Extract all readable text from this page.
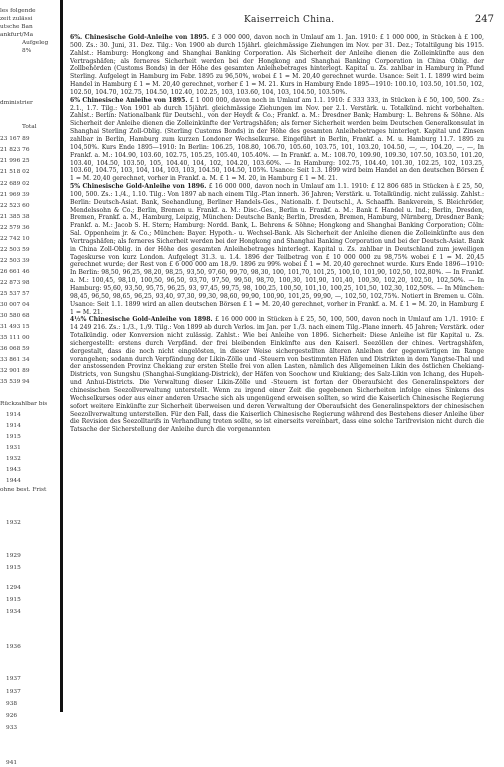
les folgende
zeit zulässi
utsche Ban
ankfurt/Ma
Aufgeleg
8%
dministrier
Total
23 167 89
21 823 76
21 996 25
21 518 02
22 689 02
21 969 39
22 523 60
21 385 38
22 579 36
22 742 10
22 503 59
22 503 39
26 661 46
22 873 98
25 537 57
30 007 04
30 580 68
31 493 15
35 111 00
36 068 59
33 861 34
32 901 89
35 539 94
Rückzahlbar bis
1914
1914
1915
1931
1932
1943
1944
ohne best. Frist
1932
1929
1915
1294
1915
1934
1936
1937
1937
938
926
933
941
Kaiserreich China.	247

6%. Chinesische Gold-Anleihe von 1895. £ 3 000 000, davon noch in Umlauf am 1. Jan. 1910: £ 1 000 000, in Stücken à £ 100, 500. Zs.: 30. Juni, 31. Dez. Tilg.: Von 1900 ab durch 15jährl. gleichmässige Ziehungen im Nov. per 31. Dez.; Totaltilgung bis 1915. Zahlst.: Hamburg: Hongkong and Shanghai Banking Corporation. Als Sicherheit der Anleihe dienen die Zolleinkünfte aus den Vertragshäfen; als ferneres Sicherheit werden bei der Hongkong and Shanghai Banking Corporation in China Oblig. der Zollbehörden (Customs Bonds) in der Höhe des gesamten Anleihebetrages hinterlegt. Kapital u. Zs. zahlbar in Hamburg in Pfund Sterling. Aufgelegt in Hamburg im Febr. 1895 zu 96,50%, wobei £ 1 = M. 20,40 gerechnet wurde. Usance: Seit 1. I. 1899 wird beim Handel in Hamburg £ 1 = M. 20,40 gerechnet, vorher £ 1 = M. 21. Kurs in Hamburg Ende 1895—1910: 100.10, 103.50, 101.50, 102, 102.50, 104.70, 102.75, 104.50, 102.40, 102.25, 103, 103.60, 104, 103, 104.50, 103.50%.

6% Chinesische Anleihe von 1895. £ 1 000 000, davon noch in Umlauf am 1.1. 1910: £ 333 333, in Stücken à £ 50, 100, 500. Zs.: 2.1., 1.7. Tilg.: Von 1901 ab durch 15jährl. gleichmässige Ziehungen im Nov. per 2.1. Verstärk. u. Totalkünd. nicht vorbehalten. Zahlst.: Berlin: Nationalbank für Deutschl., von der Heydt & Co.; Frankf. a. M.: Dresdner Bank; Hamburg: L. Behrens & Söhne. Als Sicherheit der Anleihe dienen die Zolleinkünfte der Vertragshäfen; als ferner Sicherheit werden beim Deutschen Generalkonsulat in Shanghai Sterling Zoll-Oblig. (Sterling Customs Bonds) in der Höhe des gesamten Anleihebetrages hinterlegt. Kapital und Zinsen zahlbar in Berlin, Hamburg zum kurzen Londoner Wechselkurse. Eingeführt in Berlin, Frankf. a. M. u. Hamburg 11.7. 1895 zu 104,50%. Kurs Ende 1895—1910: In Berlin: 106.25, 108.80, 106.70, 105.60, 103.75, 101, 103.20, 104.50, —, —, 104.20, —, —, In Frankf. a. M.: 104.90, 103.60, 102.75, 105.25, 105.40, 105.40%. — In Frankf. a. M.: 108.70, 109.90, 109.30, 107.50, 103.50, 101.20, 103.40, 104.50, 103.50, 105, 104.40, 104, 102, 104.20, 103.60%. — In Hamburg: 102.75, 104.40, 101.30, 102.25, 102, 103.25, 103.60, 104.75, 103, 104, 104, 103, 103, 104.50, 104.50, 105%. Usance: Seit 1.3. 1899 wird beim Handel an den deutschen Börsen £ 1 = M. 20,40 gerechnet, vorher in Frankf. a. M. £ 1 = M. 20, in Hamburg £ 1 = M. 21.

5% Chinesische Gold-Anleihe von 1896. £ 16 000 000, davon noch in Umlauf am 1.1. 1910: £ 12 806 685 in Stücken à £ 25, 50, 100, 500. Zs.: 1./4., 1.10. Tilg.: Von 1897 ab nach einem Tilg.-Plan innerh. 36 Jahren; Verstärk. u. Totalkündig. nicht zulässig. Zahlst.: Berlin: Deutsch-Asiat. Bank, Seehandlung, Berliner Handels-Ges., Nationalb. f. Deutschl., A. Schaaffh. Bankverein, S. Bleichröder, Mendelssohn & Co.; Berlin, Bremen u. Frankf. a. M.: Disc.-Ges., Berlin u. Frankf. a. M.: Bank f. Handel u. Ind.; Berlin, Dresden, Bremen, Frankf. a. M., Hamburg, Leipzig, München: Deutsche Bank; Berlin, Dresden, Bremen, Hamburg, Nürnberg, Dresdner Bank; Frankf. a. M.: Jacob S. H. Stern; Hamburg: Nordd. Bank, L. Behrens & Söhne; Hongkong and Shanghai Banking Corporation; Cöln: Sal. Oppenheim jr. & Co.; München: Bayer. Hypoth.- u. Wechsel-Bank. Als Sicherheit der Anleihe dienen die Zolleinkünfte aus den Vertragshäfen; als ferneres Sicherheit werden bei der Hongkong and Shanghai Banking Corporation und bei der Deutsch-Asiat. Bank in China Zoll-Oblig. in der Höhe des gesamten Anleihebetrages hinterlegt. Kapital u. Zs. zahlbar in Deutschland zum jeweiligen Tageskurse von kurz London. Aufgelegt 31.3. u. 1.4. 1896 der Teilbetrag von £ 10 000 000 zu 98,75% wobei £ 1 = M. 20,45 gerechnet wurde; der Rest von £ 6 000 000 am 18./9. 1896 zu 99% wobei £ 1 = M. 20,40 gerechnet wurde. Kurs Ende 1896—1910: In Berlin: 98,50, 96,25, 98,20, 98,25, 93,50, 97,60, 99,70, 98,30, 100, 101,70, 101,25, 100,10, 101,90, 102,50, 102,80%. — In Frankf. a. M.: 100,45, 98,10, 100,50, 96,50, 93,70, 97,50, 99,50, 98,70, 100,30, 101,90, 101,40, 100,30, 102,20, 102,50, 102,50%. — In Hamburg: 95,60, 93,50, 95,75, 96,25, 93, 97,45, 99,75, 98, 100,25, 100,50, 101,10, 100,25, 101,50, 102,30, 102,50%. — In München: 98,45, 96,50, 98,65, 96,25, 93,40, 97,30, 99,30, 98,60, 99,90, 100,90, 101,25, 99,90, —, 102,50, 102,75%. Notiert in Bremen u. Cöln. Usance: Seit 1.1. 1899 wird an allen deutschen Börsen £ 1 = M. 20,40 gerechnet, vorher in Frankf. a. M. £ 1 = M. 20, in Hamburg £ 1 = M. 21.

4½% Chinesische Gold-Anleihe von 1898. £ 16 000 000 in Stücken à £ 25, 50, 100, 500, davon noch in Umlauf am 1./1. 1910: £ 14 249 216. Zs.: 1./3., 1./9. Tilg.: Von 1899 ab durch Verlos. im Jan. per 1./3. nach einem Tilg.-Plane innerh. 45 Jahren; Verstärk. oder Totalkündig. oder Konversion nicht zulässig. Zahlst.: Wie bei Anleihe von 1896. Sicherheit: Diese Anleihe ist für Kapital u. Zs. sichergestellt: erstens durch Verpfänd. der frei bleibenden Einkünfte aus den Kaiserl. Seezöllen der chines. Vertragshäfen, dergestalt, dass die noch nicht eingelösten, in dieser Weise sichergestellten älteren Anleihen der gegenwärtigen im Range vorangehen; sodann durch Verpfändung der Likin-Zölle und -Steuern von bestimmten Häfen und Distrikten in dem Yangtse-Thal und der anstossenden Provinz Chekiang zur ersten Stelle frei von allen Lasten, nämlich des Allgemeinen Likin des östlichen Chekiang-Districts, von Sungshu (Shanghai-Sungkiang-Districk), der Häfen von Soochow und Kiukiang; des Salz-Likin von Ichang, des Hupeh- und Anhui-Districts. Die Verwaltung dieser Likin-Zölle und -Steuern ist fortan der Oberaufsicht des Generalinspektors der chinesischen Seezollverwaltung unterstellt. Wenn zu irgend einer Zeit die gegebenen Sicherheiten infolge eines Sinkens des Wechselkurses oder aus einer anderen Ursache sich als ungenügend erweisen sollten, so wird die Kaiserlich Chinesische Regierung sofort weitere Einkünfte zur Sicherheit überweisen und deren Verwaltung der Oberaufsicht des Generalinspektors der chinesischen Seezollverwaltung unterstellen. Für den Fall, dass die Kaiserlich Chinesische Regierung während des Bestehens dieser Anleihe über die Revision des Seezolltarifs in Verhandlung treten sollte, so ist einerseits vereinbart, dass eine solche Tarifrevision nicht durch die Tatsache der Sicherstellung der Anleihe durch die vorgenannten
